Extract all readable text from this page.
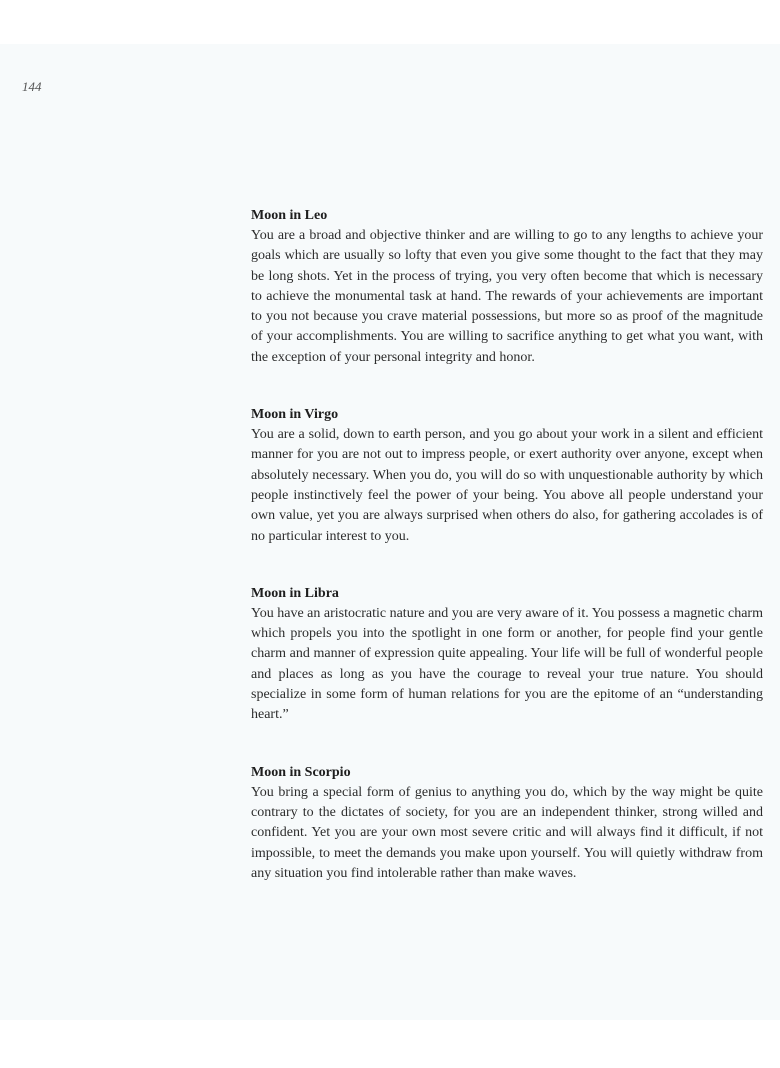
144

Moon in Leo

You are a broad and objective thinker and are willing to go to any lengths to achieve your goals which are usually so lofty that even you give some thought to the fact that they may be long shots. Yet in the process of trying, you very often become that which is necessary to achieve the monumental task at hand. The rewards of your achievements are important to you not because you crave material possessions, but more so as proof of the magnitude of your accomplishments. You are willing to sacrifice anything to get what you want, with the exception of your personal integrity and honor.

Moon in Virgo

You are a solid, down to earth person, and you go about your work in a silent and efficient manner for you are not out to impress people, or exert authority over anyone, except when absolutely necessary. When you do, you will do so with unquestionable authority by which people instinctively feel the power of your being. You above all people understand your own value, yet you are always surprised when others do also, for gathering accolades is of no particular interest to you.

Moon in Libra

You have an aristocratic nature and you are very aware of it. You possess a magnetic charm which propels you into the spotlight in one form or another, for people find your gentle charm and manner of expression quite appealing. Your life will be full of wonderful people and places as long as you have the courage to reveal your true nature. You should specialize in some form of human relations for you are the epitome of an “understanding heart.”

Moon in Scorpio

You bring a special form of genius to anything you do, which by the way might be quite contrary to the dictates of society, for you are an independent thinker, strong willed and confident. Yet you are your own most severe critic and will always find it difficult, if not impossible, to meet the demands you make upon yourself. You will quietly withdraw from any situation you find intolerable rather than make waves.
